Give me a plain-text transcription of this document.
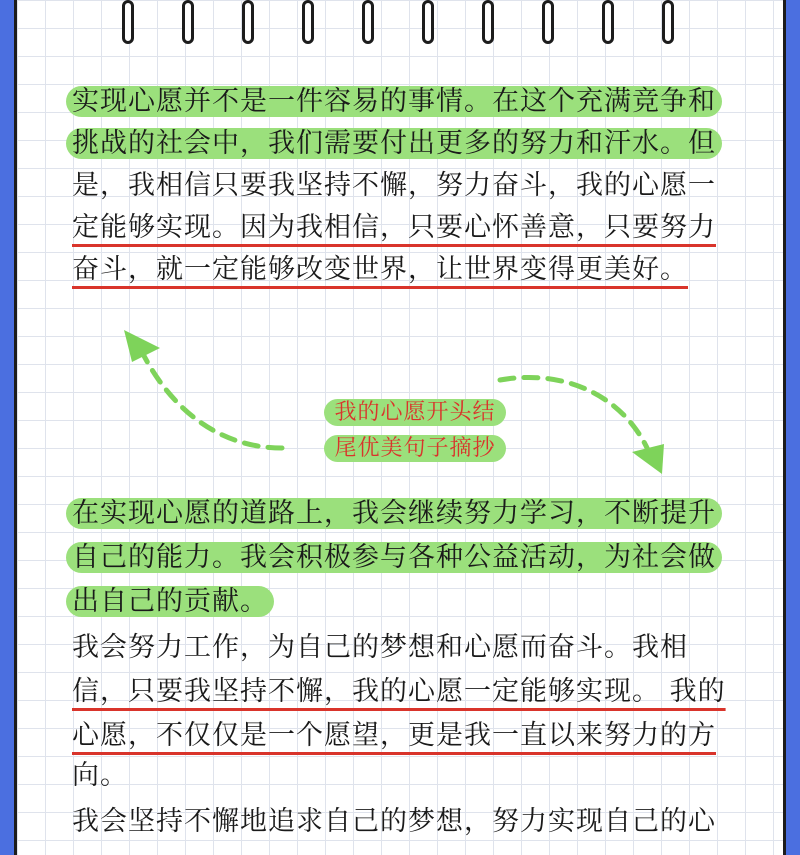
实现心愿并不是一件容易的事情。在这个充满竞争和
挑战的社会中，我们需要付出更多的努力和汗水。但
是，我相信只要我坚持不懈，努力奋斗，我的心愿一
定能够实现。因为我相信，只要心怀善意，只要努力
奋斗，就一定能够改变世界，让世界变得更美好。
我的心愿开头结
尾优美句子摘抄
在实现心愿的道路上，我会继续努力学习，不断提升
自己的能力。我会积极参与各种公益活动，为社会做
出自己的贡献。
我会努力工作，为自己的梦想和心愿而奋斗。我相
信，只要我坚持不懈，我的心愿一定能够实现。 我的
心愿，不仅仅是一个愿望，更是我一直以来努力的方
向。
我会坚持不懈地追求自己的梦想，努力实现自己的心
